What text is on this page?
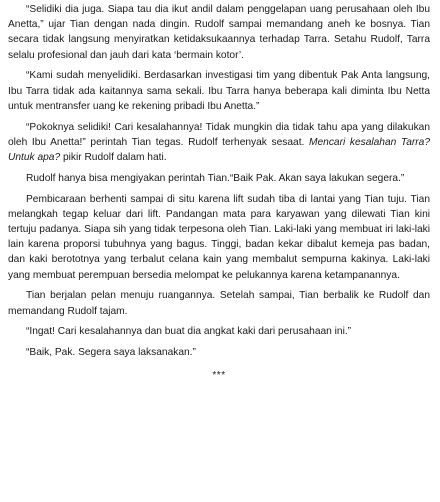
“Selidiki dia juga. Siapa tau dia ikut andil dalam penggelapan uang perusahaan oleh Ibu Anetta,” ujar Tian dengan nada dingin. Rudolf sampai memandang aneh ke bosnya. Tian secara tidak langsung menyiratkan ketidaksukaannya terhadap Tarra. Setahu Rudolf, Tarra selalu profesional dan jauh dari kata ‘bermain kotor’.

“Kami sudah menyelidiki. Berdasarkan investigasi tim yang dibentuk Pak Anta langsung, Ibu Tarra tidak ada kaitannya sama sekali. Ibu Tarra hanya beberapa kali diminta Ibu Netta untuk mentransfer uang ke rekening pribadi Ibu Anetta.”

“Pokoknya selidiki! Cari kesalahannya! Tidak mungkin dia tidak tahu apa yang dilakukan oleh Ibu Anetta!” perintah Tian tegas. Rudolf terhenyak sesaat. Mencari kesalahan Tarra? Untuk apa? pikir Rudolf dalam hati.

Rudolf hanya bisa mengiyakan perintah Tian.“Baik Pak. Akan saya lakukan segera.”

Pembicaraan berhenti sampai di situ karena lift sudah tiba di lantai yang Tian tuju. Tian melangkah tegap keluar dari lift. Pandangan mata para karyawan yang dilewati Tian kini tertuju padanya. Siapa sih yang tidak terpesona oleh Tian. Laki-laki yang membuat iri laki-laki lain karena proporsi tubuhnya yang bagus. Tinggi, badan kekar dibalut kemeja pas badan, dan kaki berototnya yang terbalut celana kain yang membalut sempurna kakinya. Laki-laki yang membuat perempuan bersedia melompat ke pelukannya karena ketampanannya.

Tian berjalan pelan menuju ruangannya. Setelah sampai, Tian berbalik ke Rudolf dan memandang Rudolf tajam.

“Ingat! Cari kesalahannya dan buat dia angkat kaki dari perusahaan ini.”

“Baik, Pak. Segera saya laksanakan.”

***
